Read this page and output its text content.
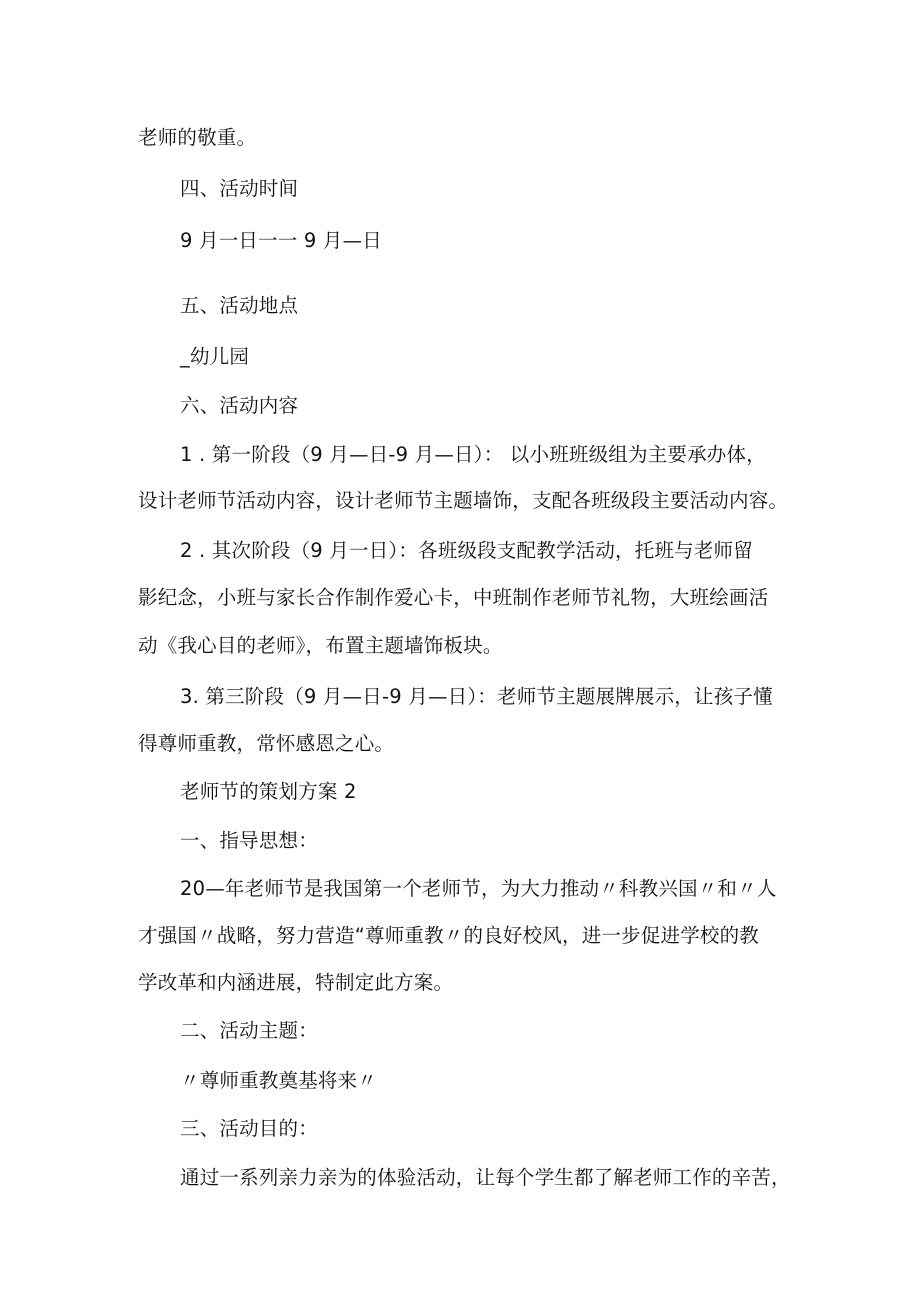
老师的敬重。

四、活动时间

9 月一日一一 9 月—日

五、活动地点

_幼儿园

六、活动内容

1 . 第一阶段（9 月—日-9 月—日）： 以小班班级组为主要承办体，

设计老师节活动内容，设计老师节主题墙饰，支配各班级段主要活动内容。

2 . 其次阶段（9 月一日）：各班级段支配教学活动，托班与老师留

影纪念，小班与家长合作制作爱心卡，中班制作老师节礼物，大班绘画活

动《我心目的老师》，布置主题墙饰板块。

3. 第三阶段（9 月—日-9 月—日）：老师节主题展牌展示，让孩子懂

得尊师重教，常怀感恩之心。

老师节的策划方案 2

一、指导思想：

20—年老师节是我国第一个老师节，为大力推动〃科教兴国〃和〃人

才强国〃战略，努力营造“尊师重教〃的良好校风，进一步促进学校的教

学改革和内涵进展，特制定此方案。

二、活动主题：

〃尊师重教奠基将来〃

三、活动目的：

通过一系列亲力亲为的体验活动，让每个学生都了解老师工作的辛苦，
